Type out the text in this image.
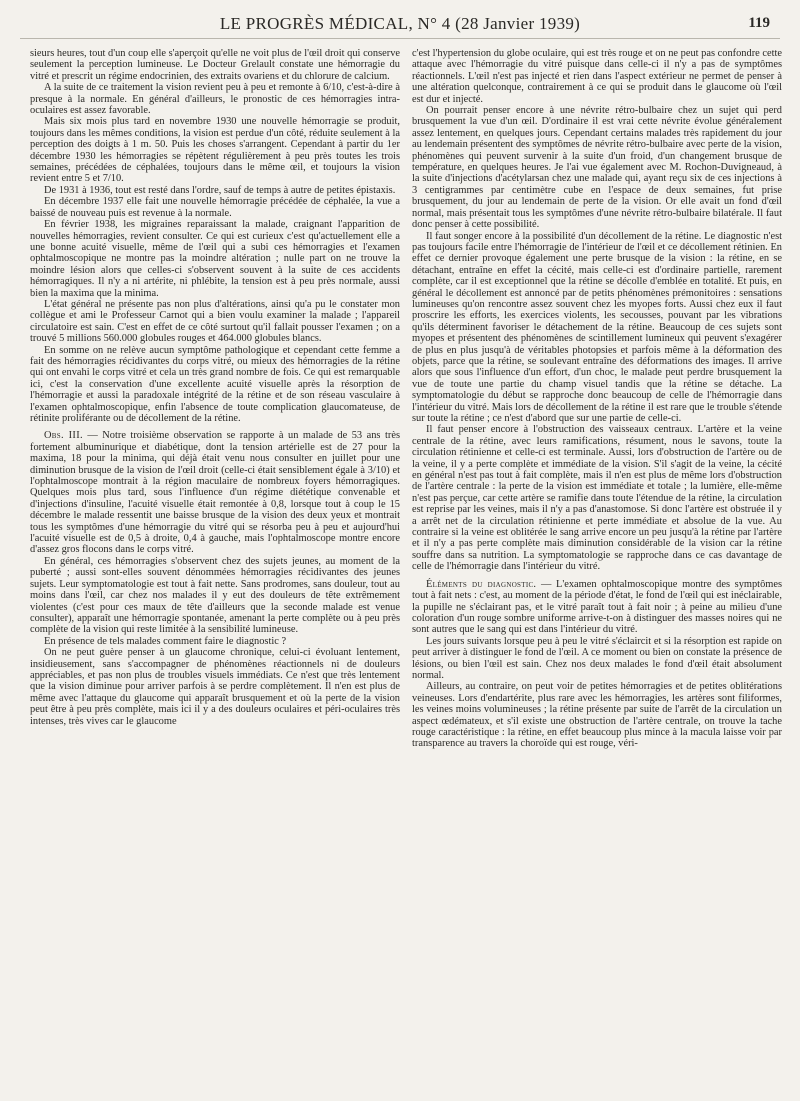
LE PROGRÈS MÉDICAL, N° 4 (28 Janvier 1939)	119

sieurs heures, tout d'un coup elle s'aperçoit qu'elle ne voit plus de l'œil droit qui conserve seulement la perception lumineuse. Le Docteur Grelault constate une hémorragie du vitré et prescrit un régime endocrinien, des extraits ovariens et du chlorure de calcium.

A la suite de ce traitement la vision revient peu à peu et remonte à 6/10, c'est-à-dire à presque à la normale. En général d'ailleurs, le pronostic de ces hémorragies intra-oculaires est assez favorable.

Mais six mois plus tard en novembre 1930 une nouvelle hémorragie se produit, toujours dans les mêmes conditions, la vision est perdue d'un côté, réduite seulement à la perception des doigts à 1 m. 50. Puis les choses s'arrangent. Cependant à partir du 1er décembre 1930 les hémorragies se répètent régulièrement à peu près toutes les trois semaines, précédées de céphalées, toujours dans le même œil, et toujours la vision revient entre 5 et 7/10.

De 1931 à 1936, tout est resté dans l'ordre, sauf de temps à autre de petites épistaxis.

En décembre 1937 elle fait une nouvelle hémorragie précédée de céphalée, la vue a baissé de nouveau puis est revenue à la normale.

En février 1938, les migraines reparaissant la malade, craignant l'apparition de nouvelles hémorragies, revient consulter. Ce qui est curieux c'est qu'actuellement elle a une bonne acuité visuelle, même de l'œil qui a subi ces hémorragies et l'examen ophtalmoscopique ne montre pas la moindre altération ; nulle part on ne trouve la moindre lésion alors que celles-ci s'observent souvent à la suite de ces accidents hémorragiques. Il n'y a ni artérite, ni phlébite, la tension est à peu près normale, aussi bien la maxima que la minima.

L'état général ne présente pas non plus d'altérations, ainsi qu'a pu le constater mon collègue et ami le Professeur Carnot qui a bien voulu examiner la malade ; l'appareil circulatoire est sain. C'est en effet de ce côté surtout qu'il fallait pousser l'examen ; on a trouvé 5 millions 560.000 globules rouges et 464.000 globules blancs.

En somme on ne relève aucun symptôme pathologique et cependant cette femme a fait des hémorragies récidivantes du corps vitré, ou mieux des hémorragies de la rétine qui ont envahi le corps vitré et cela un très grand nombre de fois. Ce qui est remarquable ici, c'est la conservation d'une excellente acuité visuelle après la résorption de l'hémorragie et aussi la paradoxale intégrité de la rétine et de son réseau vasculaire à l'examen ophtalmoscopique, enfin l'absence de toute complication glaucomateuse, de rétinite proliférante ou de décollement de la rétine.

Obs. III. — Notre troisième observation se rapporte à un malade de 53 ans très fortement albuminurique et diabétique, dont la tension artérielle est de 27 pour la maxima, 18 pour la minima, qui déjà était venu nous consulter en juillet pour une diminution brusque de la vision de l'œil droit (celle-ci était sensiblement égale à 3/10) et l'ophtalmoscope montrait à la région maculaire de nombreux foyers hémorragiques. Quelques mois plus tard, sous l'influence d'un régime diététique convenable et d'injections d'insuline, l'acuité visuelle était remontée à 0,8, lorsque tout à coup le 15 décembre le malade ressentit une baisse brusque de la vision des deux yeux et montrait tous les symptômes d'une hémorragie du vitré qui se résorba peu à peu et aujourd'hui l'acuité visuelle est de 0,5 à droite, 0,4 à gauche, mais l'ophtalmoscope montre encore d'assez gros flocons dans le corps vitré.

En général, ces hémorragies s'observent chez des sujets jeunes, au moment de la puberté ; aussi sont-elles souvent dénommées hémorragies récidivantes des jeunes sujets. Leur symptomatologie est tout à fait nette. Sans prodromes, sans douleur, tout au moins dans l'œil, car chez nos malades il y eut des douleurs de tête extrêmement violentes (c'est pour ces maux de tête d'ailleurs que la seconde malade est venue consulter), apparaît une hémorragie spontanée, amenant la perte complète ou à peu près complète de la vision qui reste limitée à la sensibilité lumineuse.

En présence de tels malades comment faire le diagnostic ?

On ne peut guère penser à un glaucome chronique, celui-ci évoluant lentement, insidieusement, sans s'accompagner de phénomènes réactionnels ni de douleurs appréciables, et pas non plus de troubles visuels immédiats. Ce n'est que très lentement que la vision diminue pour arriver parfois à se perdre complètement. Il n'en est plus de même avec l'attaque du glaucome qui apparaît brusquement et où la perte de la vision peut être à peu près complète, mais ici il y a des douleurs oculaires et péri-oculaires très intenses, très vives car le glaucome

c'est l'hypertension du globe oculaire, qui est très rouge et on ne peut pas confondre cette attaque avec l'hémorragie du vitré puisque dans celle-ci il n'y a pas de symptômes réactionnels. L'œil n'est pas injecté et rien dans l'aspect extérieur ne permet de penser à une altération quelconque, contrairement à ce qui se produit dans le glaucome où l'œil est dur et injecté.

On pourrait penser encore à une névrite rétro-bulbaire chez un sujet qui perd brusquement la vue d'un œil. D'ordinaire il est vrai cette névrite évolue généralement assez lentement, en quelques jours. Cependant certains malades très rapidement du jour au lendemain présentent des symptômes de névrite rétro-bulbaire avec perte de la vision, phénomènes qui peuvent survenir à la suite d'un froid, d'un changement brusque de température, en quelques heures. Je l'ai vue également avec M. Rochon-Duvigneaud, à la suite d'injections d'acétylarsan chez une malade qui, ayant reçu six de ces injections à 3 centigrammes par centimètre cube en l'espace de deux semaines, fut prise brusquement, du jour au lendemain de perte de la vision. Or elle avait un fond d'œil normal, mais présentait tous les symptômes d'une névrite rétro-bulbaire bilatérale. Il faut donc penser à cette possibilité.

Il faut songer encore à la possibilité d'un décollement de la rétine. Le diagnostic n'est pas toujours facile entre l'hémorragie de l'intérieur de l'œil et ce décollement rétinien. En effet ce dernier provoque également une perte brusque de la vision : la rétine, en se détachant, entraîne en effet la cécité, mais celle-ci est d'ordinaire partielle, rarement complète, car il est exceptionnel que la rétine se décolle d'emblée en totalité. Et puis, en général le décollement est annoncé par de petits phénomènes prémonitoires : sensations lumineuses qu'on rencontre assez souvent chez les myopes forts. Aussi chez eux il faut proscrire les efforts, les exercices violents, les secousses, pouvant par les vibrations qu'ils déterminent favoriser le détachement de la rétine. Beaucoup de ces sujets sont myopes et présentent des phénomènes de scintillement lumineux qui peuvent s'exagérer de plus en plus jusqu'à de véritables photopsies et parfois même à la déformation des objets, parce que la rétine, se soulevant entraîne des déformations des images. Il arrive alors que sous l'influence d'un effort, d'un choc, le malade peut perdre brusquement la vue de toute une partie du champ visuel tandis que la rétine se détache. La symptomatologie du début se rapproche donc beaucoup de celle de l'hémorragie dans l'intérieur du vitré. Mais lors de décollement de la rétine il est rare que le trouble s'étende sur toute la rétine ; ce n'est d'abord que sur une partie de celle-ci.

Il faut penser encore à l'obstruction des vaisseaux centraux. L'artère et la veine centrale de la rétine, avec leurs ramifications, résument, nous le savons, toute la circulation rétinienne et celle-ci est terminale. Aussi, lors d'obstruction de l'artère ou de la veine, il y a perte complète et immédiate de la vision. S'il s'agit de la veine, la cécité en général n'est pas tout à fait complète, mais il n'en est plus de même lors d'obstruction de l'artère centrale : la perte de la vision est immédiate et totale ; la lumière, elle-même n'est pas perçue, car cette artère se ramifie dans toute l'étendue de la rétine, la circulation est reprise par les veines, mais il n'y a pas d'anastomose. Si donc l'artère est obstruée il y a arrêt net de la circulation rétinienne et perte immédiate et absolue de la vue. Au contraire si la veine est oblitérée le sang arrive encore un peu jusqu'à la rétine par l'artère et il n'y a pas perte complète mais diminution considérable de la vision car la rétine souffre dans sa nutrition. La symptomatologie se rapproche dans ce cas davantage de celle de l'hémorragie dans l'intérieur du vitré.

Éléments du diagnostic. — L'examen ophtalmoscopique montre des symptômes tout à fait nets : c'est, au moment de la période d'état, le fond de l'œil qui est inéclairable, la pupille ne s'éclairant pas, et le vitré paraît tout à fait noir ; à peine au milieu d'une coloration d'un rouge sombre uniforme arrive-t-on à distinguer des masses noires qui ne sont autres que le sang qui est dans l'intérieur du vitré.

Les jours suivants lorsque peu à peu le vitré s'éclaircit et si la résorption est rapide on peut arriver à distinguer le fond de l'œil. A ce moment ou bien on constate la présence de lésions, ou bien l'œil est sain. Chez nos deux malades le fond d'œil était absolument normal.

Ailleurs, au contraire, on peut voir de petites hémorragies et de petites oblitérations veineuses. Lors d'endartérite, plus rare avec les hémorragies, les artères sont filiformes, les veines moins volumineuses ; la rétine présente par suite de l'arrêt de la circulation un aspect œdémateux, et s'il existe une obstruction de l'artère centrale, on trouve la tache rouge caractéristique : la rétine, en effet beaucoup plus mince à la macula laisse voir par transparence au travers la choroïde qui est rouge, véri-
